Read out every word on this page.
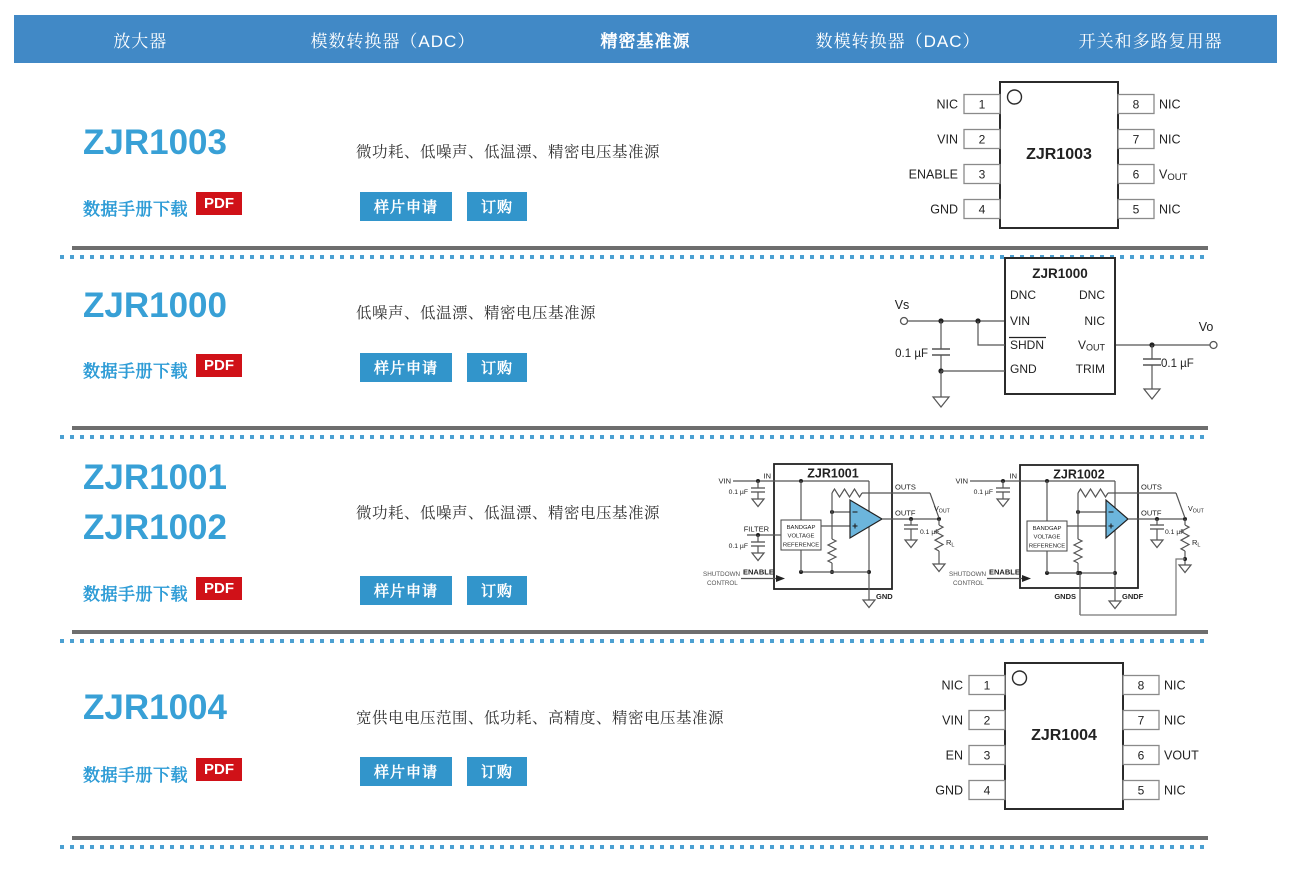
放大器	模数转换器（ADC）	精密基准源	数模转换器（DAC）	开关和多路复用器
ZJR1003	微功耗、低噪声、低温漂、精密电压基准源
数据手册下载	PDF	样片申请	订购
ZJR1003
1
NIC
2
VIN
3
ENABLE
4
GND
8 NIC
7 NIC
6 VOUT
5 NIC
ZJR1000	低噪声、低温漂、精密电压基准源
数据手册下载	PDF	样片申请	订购
ZJR1000
DNC
VIN
SHDN
GND
DNC
NIC
VOUT
TRIM
Vs
0.1 µF
Vo
0.1 µF
ZJR1001
ZJR1002	微功耗、低噪声、低温漂、精密电压基准源
数据手册下载	PDF	样片申请	订购
ZJR1001
VIN
IN
0.1 µF
GND
BANDGAP
VOLTAGE
REFERENCE
FILTER
0.1 µF
OUTS
OUTF	$V_{OUT}$
0.1 µF
$R_L$
ENABLE
SHUTDOWN
CONTROL
ZJR1002
VIN
IN
0.1 µF
GNDF
BANDGAP
VOLTAGE
REFERENCE
OUTS
OUTF	$V_{OUT}$
0.1 µF
$R_L$
GNDS
ENABLE
SHUTDOWN
CONTROL
ZJR1004	宽供电电压范围、低功耗、高精度、精密电压基准源
数据手册下载	PDF	样片申请	订购
ZJR1004
1
NIC
2
VIN
3
EN
4
GND
8 NIC
7 NIC
6 VOUT
5 NIC
